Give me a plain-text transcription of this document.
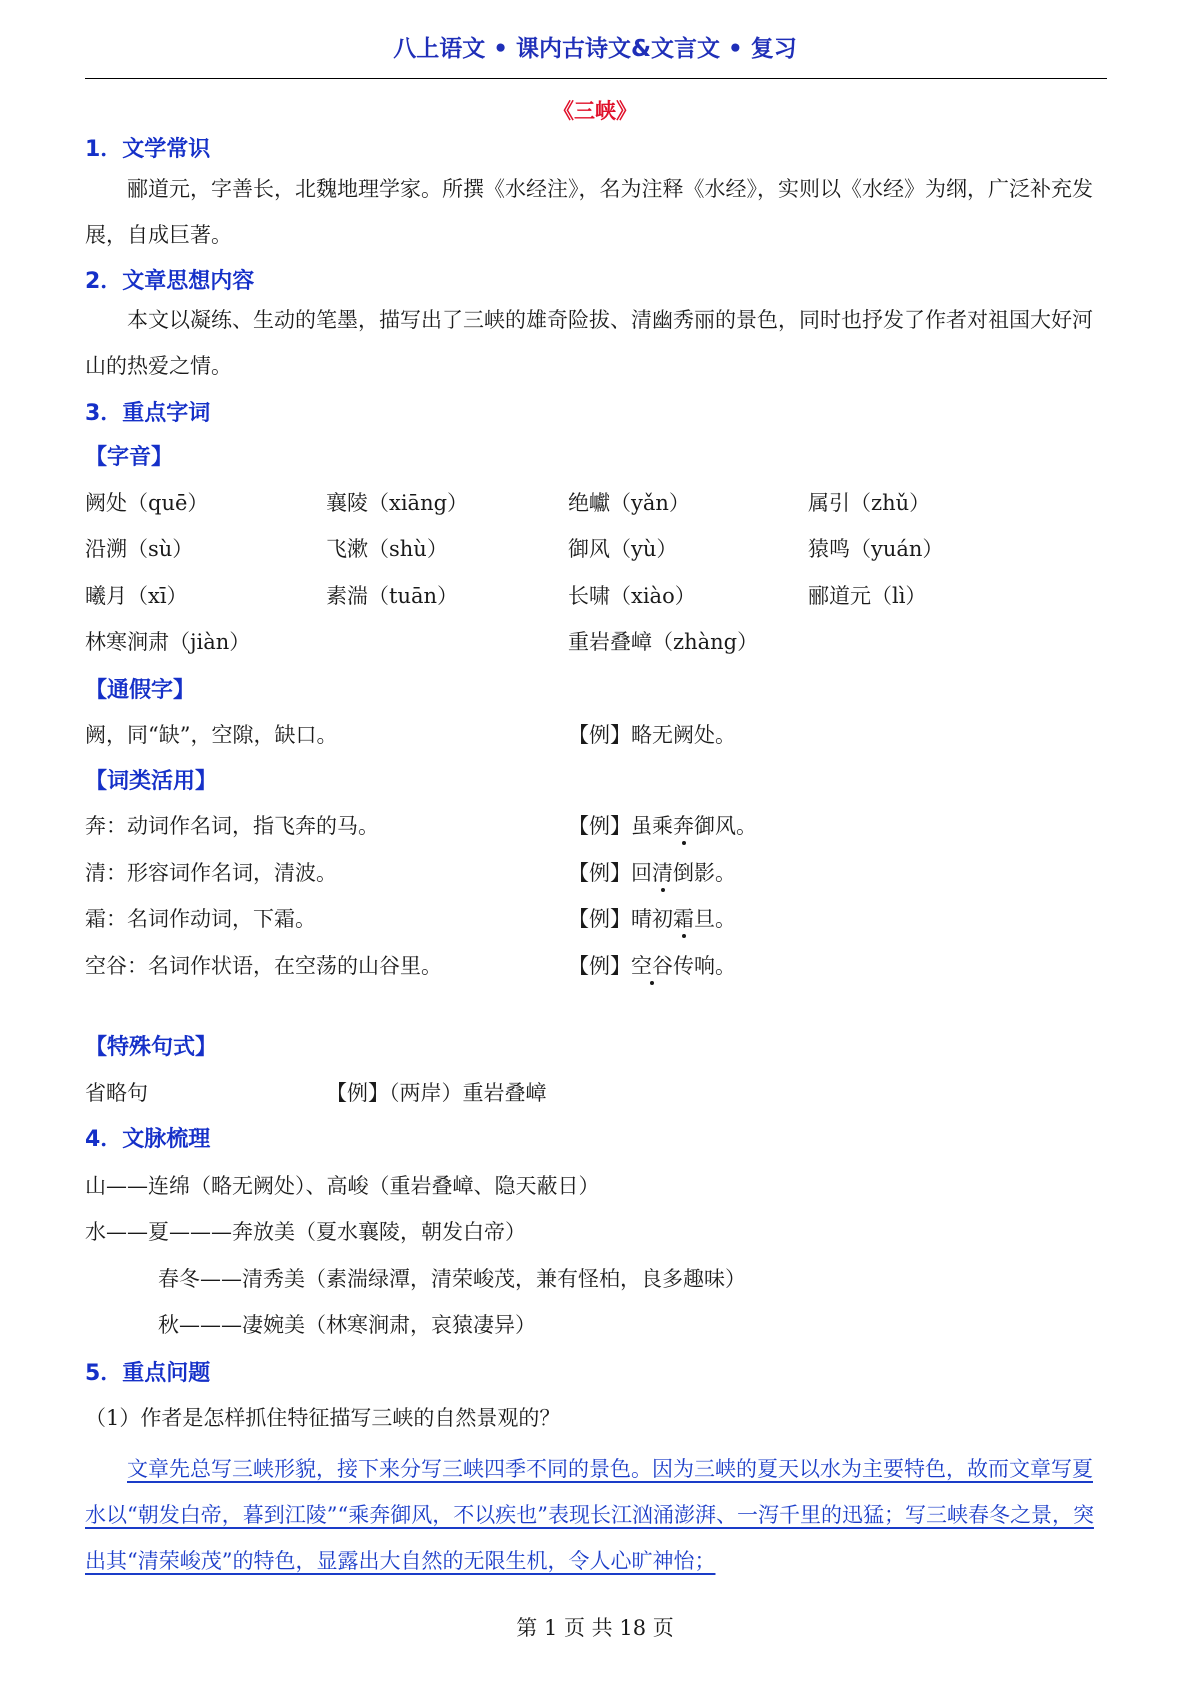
八上语文 • 课内古诗文&文言文 • 复习
《三峡》
1．文学常识

郦道元，字善长，北魏地理学家。所撰《水经注》，名为注释《水经》，实则以《水经》为纲，广泛补充发展，自成巨著。

2．文章思想内容

本文以凝练、生动的笔墨，描写出了三峡的雄奇险拔、清幽秀丽的景色，同时也抒发了作者对祖国大好河山的热爱之情。

3．重点字词
【字音】
阙处（quē）	襄陵（xiāng）	绝巘（yǎn）	属引（zhǔ）
沿溯（sù）	飞漱（shù）	御风（yù）	猿鸣（yuán）
曦月（xī）	素湍（tuān）	长啸（xiào）	郦道元（lì）
林寒涧肃（jiàn）	重岩叠嶂（zhàng）
【通假字】
阙，同“缺”，空隙，缺口。	【例】略无阙处。
【词类活用】
奔：动词作名词，指飞奔的马。	【例】虽乘奔御风。
清：形容词作名词，清波。	【例】回清倒影。
霜：名词作动词，下霜。	【例】晴初霜旦。
空谷：名词作状语，在空荡的山谷里。	【例】空谷传响。
【特殊句式】
省略句	【例】（两岸）重岩叠嶂
4．文脉梳理
山——连绵（略无阙处）、高峻（重岩叠嶂、隐天蔽日）
水——夏———奔放美（夏水襄陵，朝发白帝）
春冬——清秀美（素湍绿潭，清荣峻茂，兼有怪柏，良多趣味）
秋———凄婉美（林寒涧肃，哀猿凄异）
5．重点问题
（1）作者是怎样抓住特征描写三峡的自然景观的？

文章先总写三峡形貌，接下来分写三峡四季不同的景色。因为三峡的夏天以水为主要特色，故而文章写夏水以“朝发白帝，暮到江陵”“乘奔御风，不以疾也”表现长江汹涌澎湃、一泻千里的迅猛；写三峡春冬之景，突出其“清荣峻茂”的特色，显露出大自然的无限生机，令人心旷神怡；

第 1 页 共 18 页
